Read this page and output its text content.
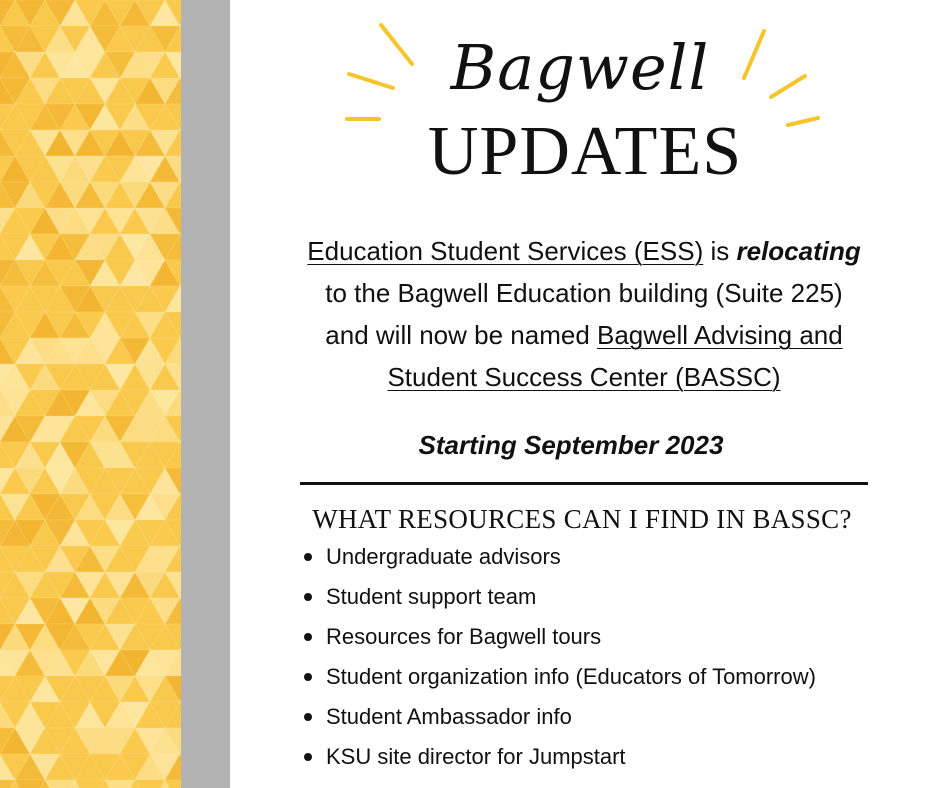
Bagwell
UPDATES
Education Student Services (ESS) is relocating
to the Bagwell Education building (Suite 225)
and will now be named Bagwell Advising and
Student Success Center (BASSC)
Starting September 2023
WHAT RESOURCES CAN I FIND IN BASSC?
Undergraduate advisors
Student support team
Resources for Bagwell tours
Student organization info (Educators of Tomorrow)
Student Ambassador info
KSU site director for Jumpstart
